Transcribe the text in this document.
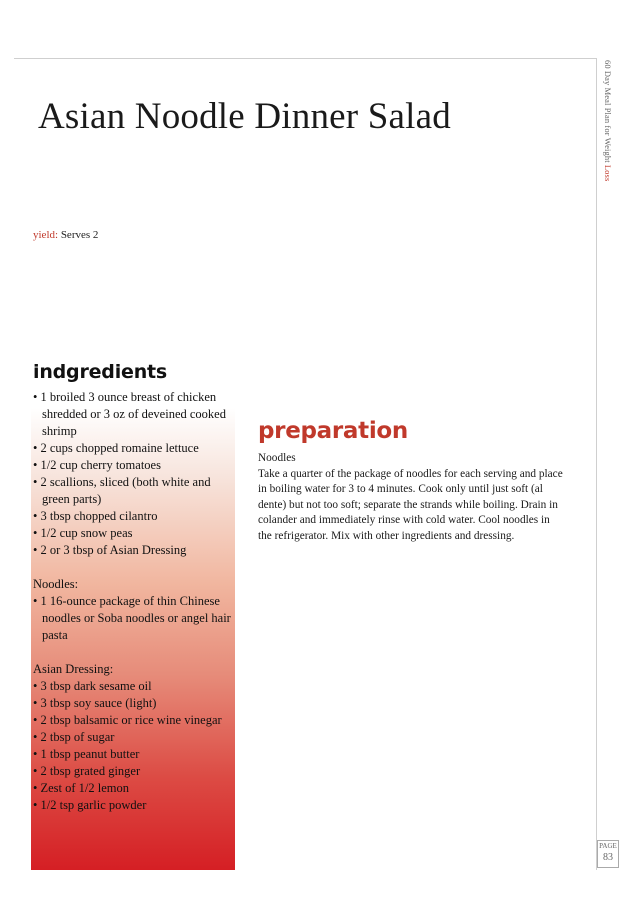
60 Day Meal Plan for Weight Loss
Asian Noodle Dinner Salad
yield: Serves 2
indgredients
• 1 broiled 3 ounce breast of chicken shredded or 3 oz of deveined cooked shrimp
• 2 cups chopped romaine lettuce
• 1/2 cup cherry tomatoes
• 2 scallions, sliced (both white and green parts)
• 3 tbsp chopped cilantro
• 1/2 cup snow peas
• 2 or 3 tbsp of Asian Dressing
Noodles:
• 1 16-ounce package of thin Chinese noodles or Soba noodles or angel hair pasta
Asian Dressing:
• 3 tbsp dark sesame oil
• 3 tbsp soy sauce (light)
• 2 tbsp balsamic or rice wine vinegar
• 2 tbsp of sugar
• 1 tbsp peanut butter
• 2 tbsp grated ginger
• Zest of 1/2 lemon
• 1/2 tsp garlic powder
preparation
Noodles
Take a quarter of the package of noodles for each serving and place in boiling water for 3 to 4 minutes. Cook only until just soft (al dente) but not too soft; separate the strands while boiling. Drain in colander and immediately rinse with cold water. Cool noodles in the refrigerator. Mix with other ingredients and dressing.
PAGE
83
